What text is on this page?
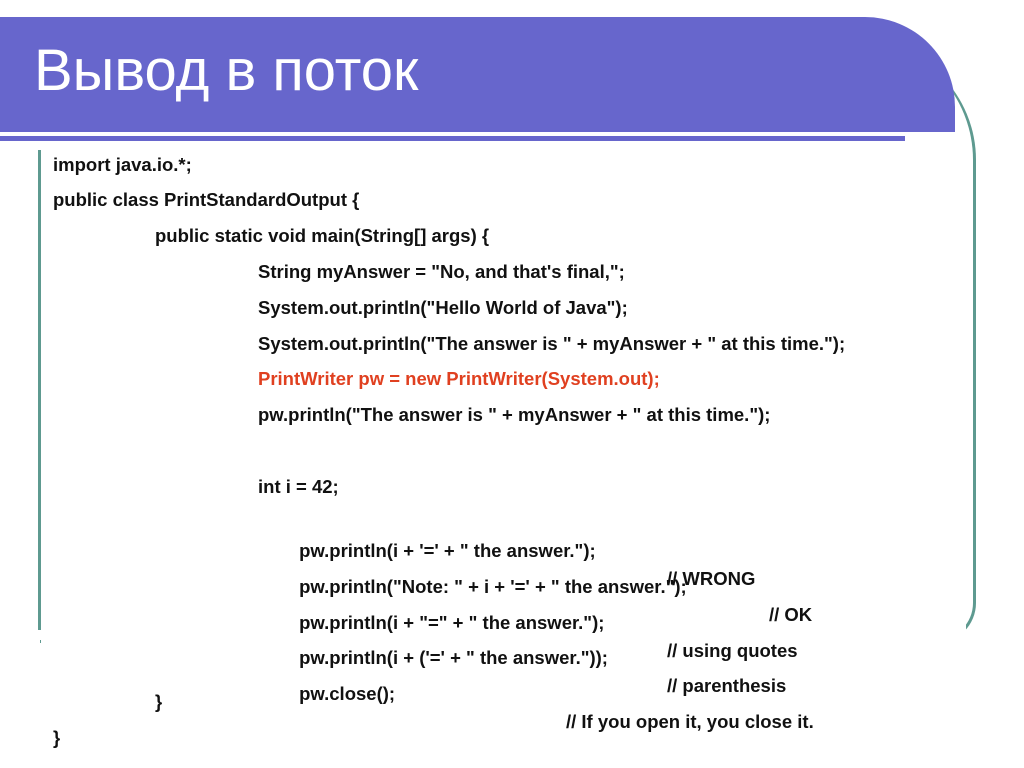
Вывод в поток
import java.io.*;
public class PrintStandardOutput {
public static void main(String[] args) {
String myAnswer = "No, and that's final,";
System.out.println("Hello World of Java");
System.out.println("The answer is " + myAnswer + " at this time.");
PrintWriter pw = new PrintWriter(System.out);
pw.println("The answer is " + myAnswer + " at this time.");
int i = 42;

pw.println(i + '=' + " the answer.");

// WRONG

pw.println("Note: " + i + '=' + " the answer.");

// OK

pw.println(i + "=" + " the answer.");

// using quotes

pw.println(i + ('=' + " the answer."));

// parenthesis

pw.close();

// If you open it, you close it.

}
}
